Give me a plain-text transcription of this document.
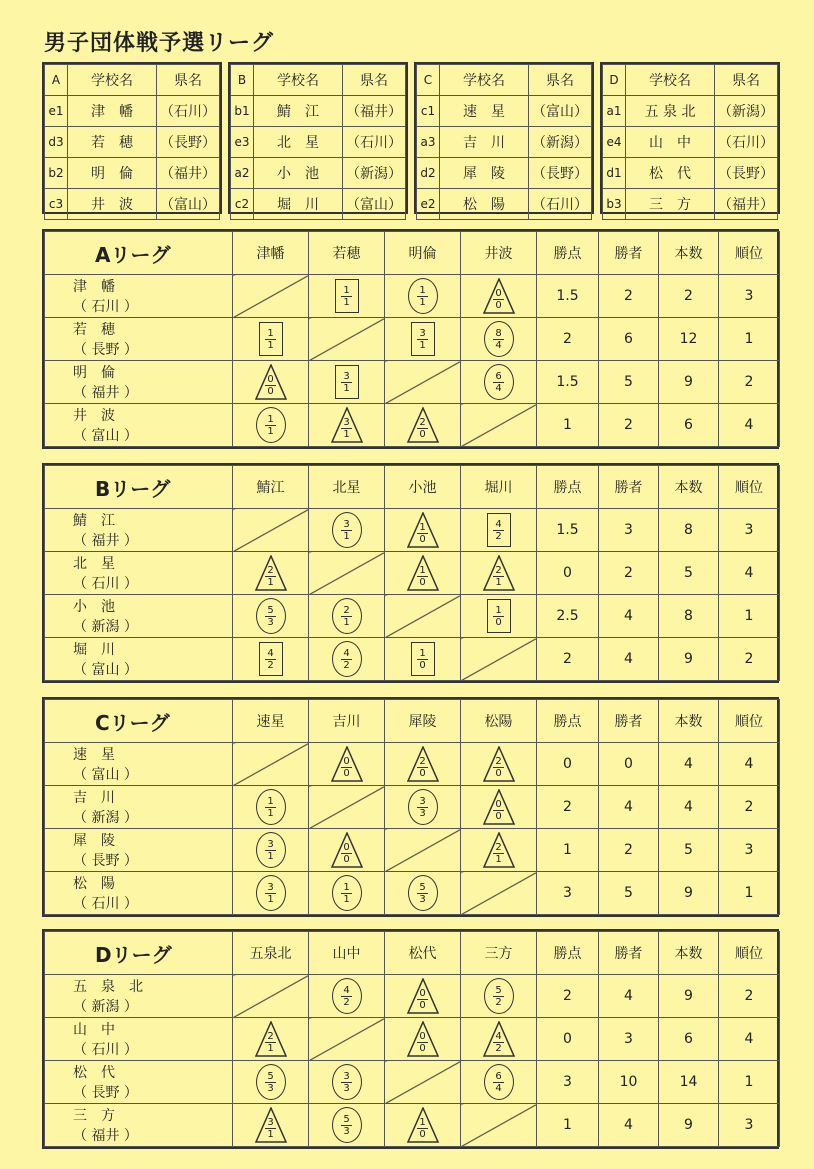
男子団体戦予選リーグ
A	学校名	県名
e1	津　幡	（石川）
d3	若　穂	（長野）
b2	明　倫	（福井）
c3	井　波	（富山）
B	学校名	県名
b1	鯖　江	（福井）
e3	北　星	（石川）
a2	小　池	（新潟）
c2	堀　川	（富山）
C	学校名	県名
c1	速　星	（富山）
a3	吉　川	（新潟）
d2	犀　陵	（長野）
e2	松　陽	（石川）
D	学校名	県名
a1	五 泉 北	（新潟）
e4	山　中	（石川）
d1	松　代	（長野）
b3	三　方	（福井）
Aリーグ	津幡	若穂	明倫	井波	勝点	勝者	本数	順位
津幡（ 石川 ）		$\frac{1}{1}$	$\frac{1}{1}$	$\frac{0}{0}$	1.5	2	2	3
若穂（ 長野 ）	$\frac{1}{1}$		$\frac{3}{1}$	$\frac{8}{4}$	2	6	12	1
明倫（ 福井 ）	$\frac{0}{0}$	$\frac{3}{1}$		$\frac{6}{4}$	1.5	5	9	2
井波（ 富山 ）	$\frac{1}{1}$	$\frac{3}{1}$	$\frac{2}{0}$		1	2	6	4
Bリーグ	鯖江	北星	小池	堀川	勝点	勝者	本数	順位
鯖江（ 福井 ）		$\frac{3}{1}$	$\frac{1}{0}$	$\frac{4}{2}$	1.5	3	8	3
北星（ 石川 ）	$\frac{2}{1}$		$\frac{1}{0}$	$\frac{2}{1}$	0	2	5	4
小池（ 新潟 ）	$\frac{5}{3}$	$\frac{2}{1}$		$\frac{1}{0}$	2.5	4	8	1
堀川（ 富山 ）	$\frac{4}{2}$	$\frac{4}{2}$	$\frac{1}{0}$		2	4	9	2
Cリーグ	速星	吉川	犀陵	松陽	勝点	勝者	本数	順位
速星（ 富山 ）		$\frac{0}{0}$	$\frac{2}{0}$	$\frac{2}{0}$	0	0	4	4
吉川（ 新潟 ）	$\frac{1}{1}$		$\frac{3}{3}$	$\frac{0}{0}$	2	4	4	2
犀陵（ 長野 ）	$\frac{3}{1}$	$\frac{0}{0}$		$\frac{2}{1}$	1	2	5	3
松陽（ 石川 ）	$\frac{3}{1}$	$\frac{1}{1}$	$\frac{5}{3}$		3	5	9	1
Dリーグ	五泉北	山中	松代	三方	勝点	勝者	本数	順位
五泉北（ 新潟 ）		$\frac{4}{2}$	$\frac{0}{0}$	$\frac{5}{2}$	2	4	9	2
山中（ 石川 ）	$\frac{2}{1}$		$\frac{0}{0}$	$\frac{4}{2}$	0	3	6	4
松代（ 長野 ）	$\frac{5}{3}$	$\frac{3}{3}$		$\frac{6}{4}$	3	10	14	1
三方（ 福井 ）	$\frac{3}{1}$	$\frac{5}{3}$	$\frac{1}{0}$		1	4	9	3
